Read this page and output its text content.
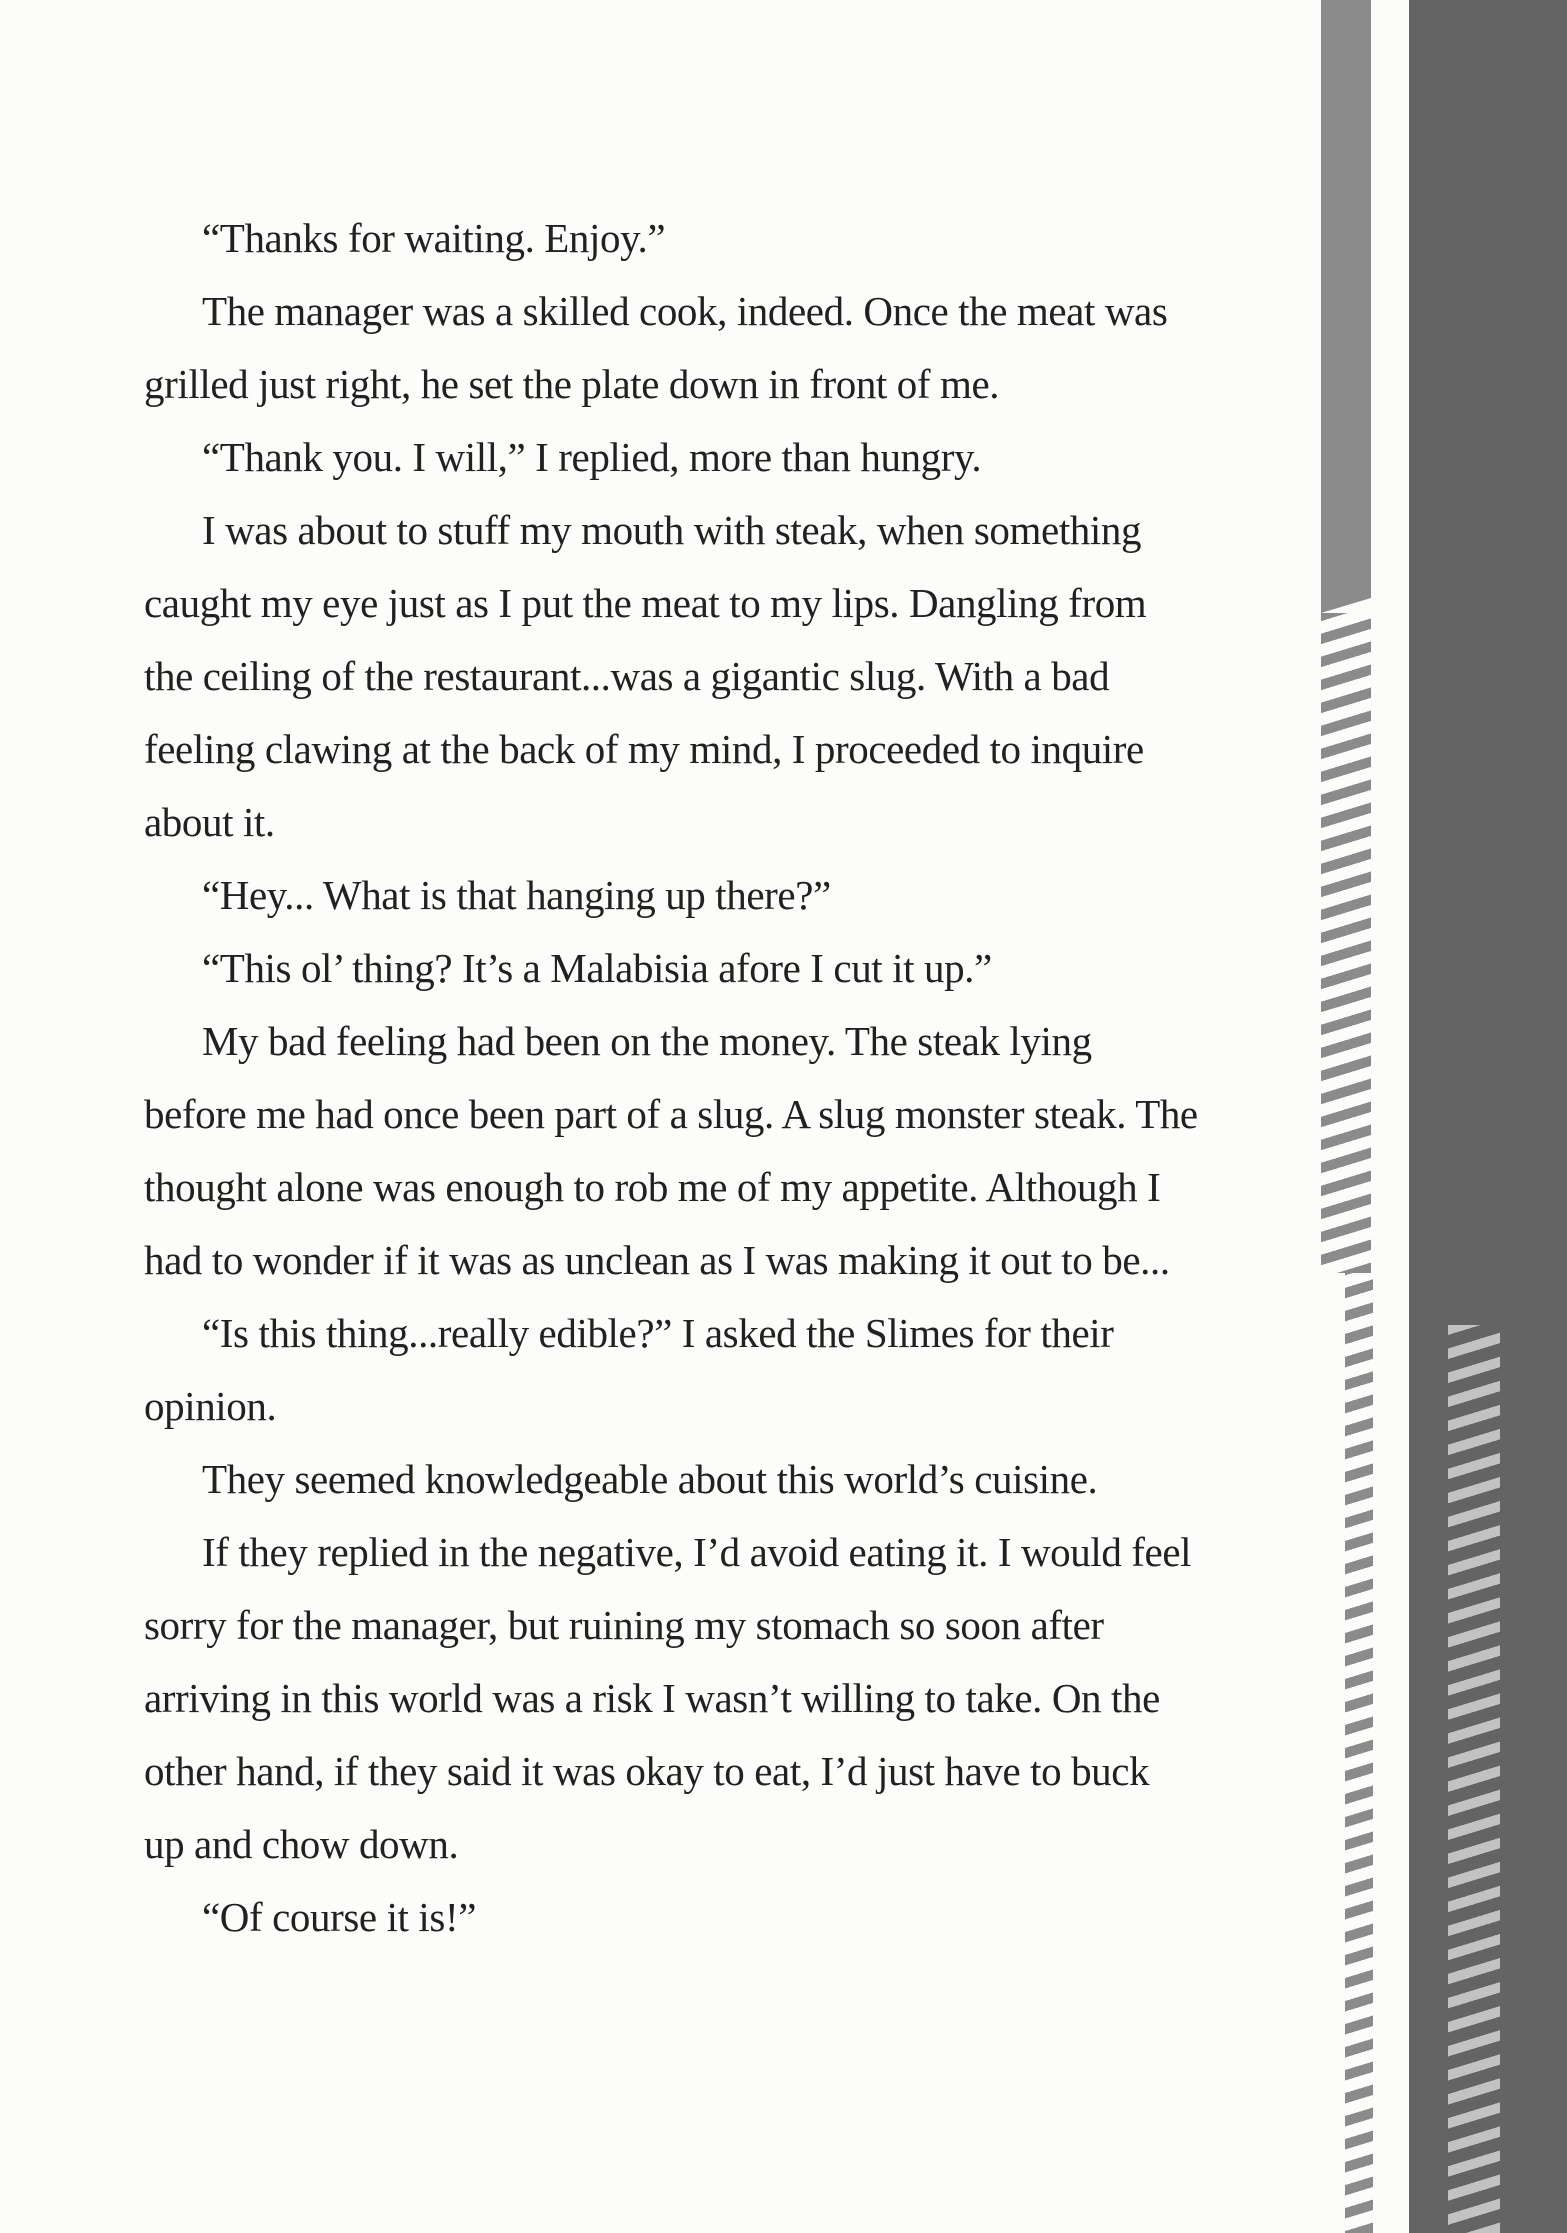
“Thanks for waiting. Enjoy.”

The manager was a skilled cook, indeed. Once the meat was grilled just right, he set the plate down in front of me.

“Thank you. I will,” I replied, more than hungry.

I was about to stuff my mouth with steak, when something caught my eye just as I put the meat to my lips. Dangling from the ceiling of the restaurant...was a gigantic slug. With a bad feeling clawing at the back of my mind, I proceeded to inquire about it.

“Hey... What is that hanging up there?”

“This ol’ thing? It’s a Malabisia afore I cut it up.”

My bad feeling had been on the money. The steak lying before me had once been part of a slug. A slug monster steak. The thought alone was enough to rob me of my appetite. Although I had to wonder if it was as unclean as I was making it out to be...

“Is this thing...really edible?” I asked the Slimes for their opinion.

They seemed knowledgeable about this world’s cuisine.

If they replied in the negative, I’d avoid eating it. I would feel sorry for the manager, but ruining my stomach so soon after arriving in this world was a risk I wasn’t willing to take. On the other hand, if they said it was okay to eat, I’d just have to buck up and chow down.

“Of course it is!”
